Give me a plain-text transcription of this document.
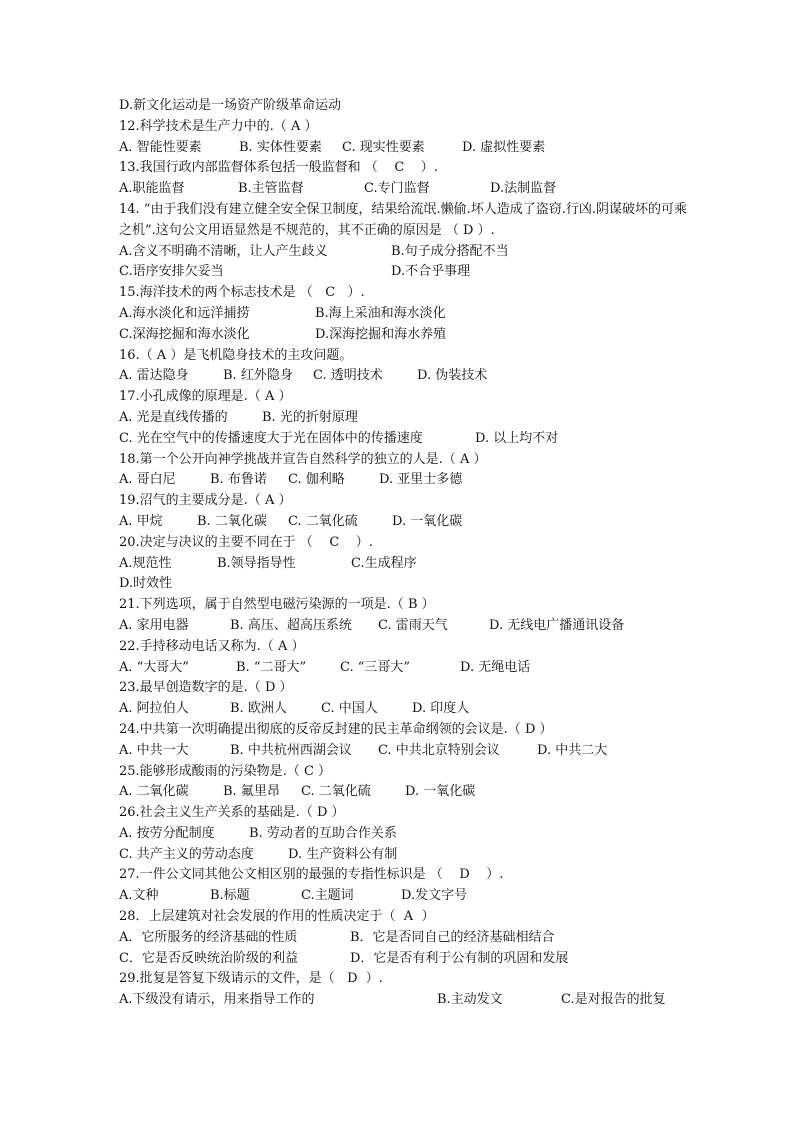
D.新文化运动是一场资产阶级革命运动
12.科学技术是生产力中的.（ A ）
A. 智能性要素	B. 实体性要素 C. 现实性要素	D. 虚拟性要素
13.我国行政内部监督体系包括一般监督和 （    C    ）.
A.职能监督	B.主管监督	C.专门监督	D.法制监督
14. “由于我们没有建立健全安全保卫制度，结果给流氓.懒偷.坏人造成了盗窃.行凶.阴谋破坏的可乘之机”.这句公文用语显然是不规范的，其不正确的原因是 （ D ）.
A.含义不明确不清晰，让人产生歧义	B.句子成分搭配不当
C.语序安排欠妥当	D.不合乎事理
15.海洋技术的两个标志技术是 （   C   ）.
A.海水淡化和远洋捕捞	B.海上采油和海水淡化
C.深海挖掘和海水淡化	D.深海挖掘和海水养殖
16.（ A ）是飞机隐身技术的主攻问题。
A. 雷达隐身	B. 红外隐身 C. 透明技术	D. 伪装技术
17.小孔成像的原理是.（ A ）
A. 光是直线传播的	B. 光的折射原理
C. 光在空气中的传播速度大于光在固体中的传播速度	D. 以上均不对
18.第一个公开向神学挑战并宣告自然科学的独立的人是.（ A ）
A. 哥白尼	B. 布鲁诺 C. 伽利略	D. 亚里士多德
19.沼气的主要成分是.（ A ）
A. 甲烷	B. 二氧化碳 C. 二氧化硫	D. 一氧化碳
20.决定与决议的主要不同在于 （    C    ）.
A.规范性	B.领导指导性	C.生成程序
D.时效性
21.下列选项，属于自然型电磁污染源的一项是.（ B ）
A. 家用电器	B. 高压、超高压系统 C. 雷雨天气	D. 无线电广播通讯设备
22.手持移动电话又称为.（ A ）
A. “大哥大”	B. “二哥大”	C. “三哥大”	D. 无绳电话
23.最早创造数字的是.（ D ）
A. 阿拉伯人	B. 欧洲人	C. 中国人	D. 印度人
24.中共第一次明确提出彻底的反帝反封建的民主革命纲领的会议是.（ D ）
A. 中共一大	B. 中共杭州西湖会议 C. 中共北京特别会议	D. 中共二大
25.能够形成酸雨的污染物是.（ C ）
A. 二氧化碳	B. 氟里昂 C. 二氧化硫	D. 一氧化碳
26.社会主义生产关系的基础是.（ D ）
A. 按劳分配制度	B. 劳动者的互助合作关系
C. 共产主义的劳动态度	D. 生产资料公有制
27.一件公文同其他公文相区别的最强的专指性标识是 （    D    ）.
A.文种	B.标题	C.主题词	D.发文字号
28．上层建筑对社会发展的作用的性质决定于（  A  ）
A．它所服务的经济基础的性质	B．它是否同自己的经济基础相结合
C．它是否反映统治阶级的利益	D．它是否有利于公有制的巩固和发展
29.批复是答复下级请示的文件，是（   D  ）.
A.下级没有请示，用来指导工作的	B.主动发文	C.是对报告的批复
